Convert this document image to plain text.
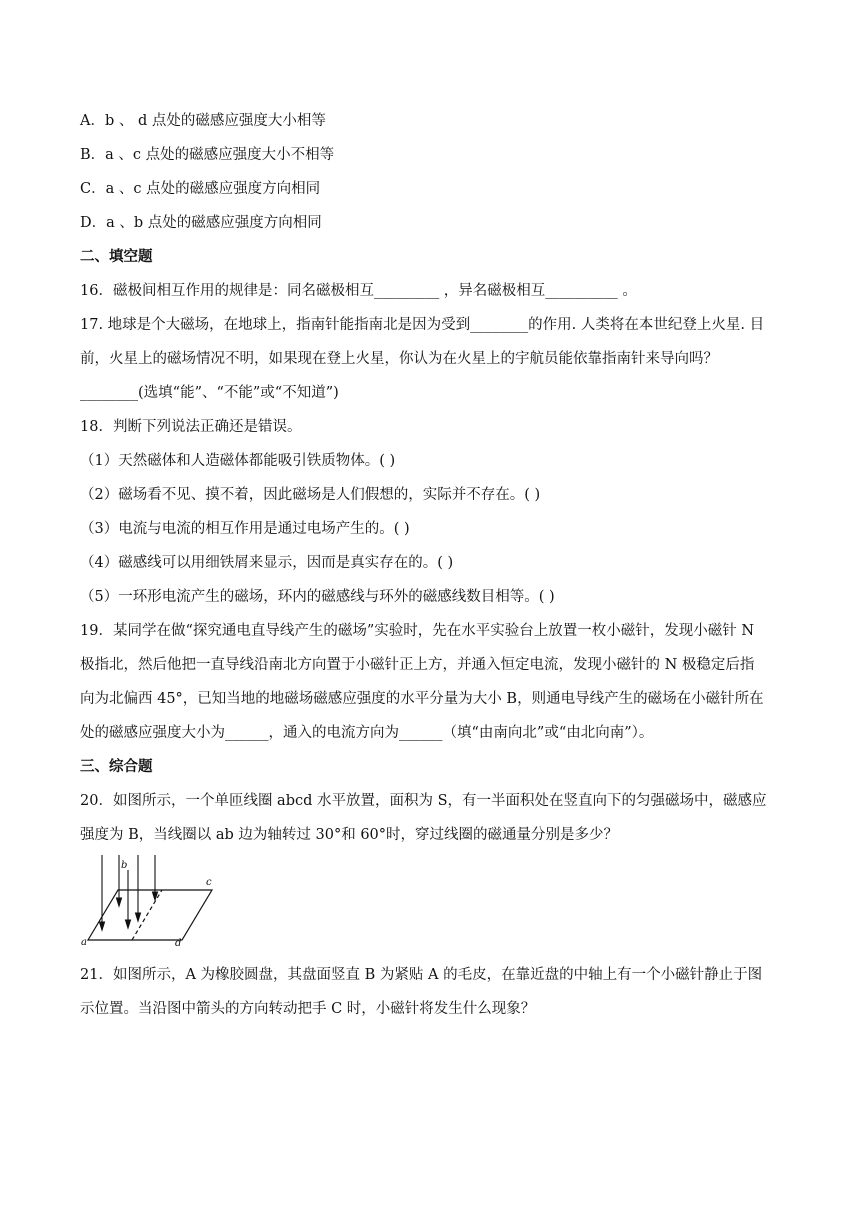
A．b 、 d 点处的磁感应强度大小相等
B．a 、c 点处的磁感应强度大小不相等
C．a 、c 点处的磁感应强度方向相同
D．a 、b 点处的磁感应强度方向相同
二、填空题
16．磁极间相互作用的规律是：同名磁极相互_________ ，异名磁极相互__________ 。
17. 地球是个大磁场，在地球上，指南针能指南北是因为受到________的作用. 人类将在本世纪登上火星. 目
前，火星上的磁场情况不明，如果现在登上火星，你认为在火星上的宇航员能依靠指南针来导向吗？
________(选填“能”、“不能”或“不知道”)
18．判断下列说法正确还是错误。
（1）天然磁体和人造磁体都能吸引铁质物体。( )
（2）磁场看不见、摸不着，因此磁场是人们假想的，实际并不存在。( )
（3）电流与电流的相互作用是通过电场产生的。( )
（4）磁感线可以用细铁屑来显示，因而是真实存在的。( )
（5）一环形电流产生的磁场，环内的磁感线与环外的磁感线数目相等。( )
19．某同学在做“探究通电直导线产生的磁场”实验时，先在水平实验台上放置一枚小磁针，发现小磁针 N
极指北，然后他把一直导线沿南北方向置于小磁针正上方，并通入恒定电流，发现小磁针的 N 极稳定后指
向为北偏西 45°，已知当地的地磁场磁感应强度的水平分量为大小 B，则通电导线产生的磁场在小磁针所在
处的磁感应强度大小为______，通入的电流方向为______（填“由南向北”或“由北向南”）。
三、综合题
20．如图所示，一个单匝线圈 abcd 水平放置，面积为 S，有一半面积处在竖直向下的匀强磁场中，磁感应
强度为 B，当线圈以 ab 边为轴转过 30°和 60°时，穿过线圈的磁通量分别是多少？
a
b
c
d
21．如图所示，A 为橡胶圆盘，其盘面竖直 B 为紧贴 A 的毛皮，在靠近盘的中轴上有一个小磁针静止于图
示位置。当沿图中箭头的方向转动把手 C 时，小磁针将发生什么现象？
